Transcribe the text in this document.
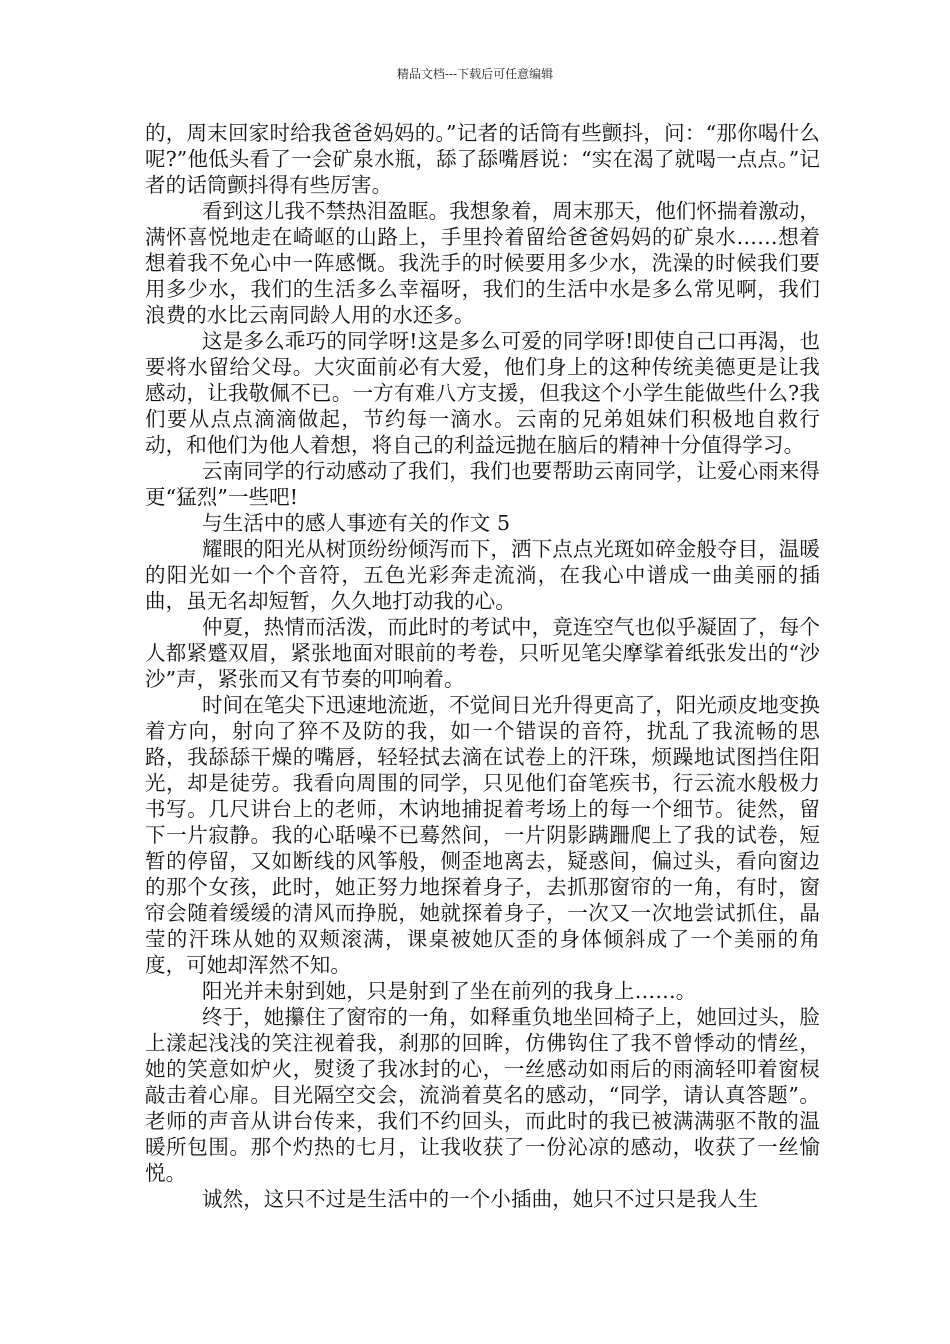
精品文档---下载后可任意编辑

的，周末回家时给我爸爸妈妈的。”记者的话筒有些颤抖，问：“那你喝什么呢?”他低头看了一会矿泉水瓶，舔了舔嘴唇说：“实在渴了就喝一点点。”记者的话筒颤抖得有些厉害。

看到这儿我不禁热泪盈眶。我想象着，周末那天，他们怀揣着激动，满怀喜悦地走在崎岖的山路上，手里拎着留给爸爸妈妈的矿泉水……想着想着我不免心中一阵感慨。我洗手的时候要用多少水，洗澡的时候我们要用多少水，我们的生活多么幸福呀，我们的生活中水是多么常见啊，我们浪费的水比云南同龄人用的水还多。

这是多么乖巧的同学呀!这是多么可爱的同学呀!即使自己口再渴，也要将水留给父母。大灾面前必有大爱，他们身上的这种传统美德更是让我感动，让我敬佩不已。一方有难八方支援，但我这个小学生能做些什么?我们要从点点滴滴做起，节约每一滴水。云南的兄弟姐妹们积极地自救行动，和他们为他人着想，将自己的利益远抛在脑后的精神十分值得学习。

云南同学的行动感动了我们，我们也要帮助云南同学，让爱心雨来得更“猛烈”一些吧!

与生活中的感人事迹有关的作文 5

耀眼的阳光从树顶纷纷倾泻而下，洒下点点光斑如碎金般夺目，温暖的阳光如一个个音符，五色光彩奔走流淌，在我心中谱成一曲美丽的插曲，虽无名却短暂，久久地打动我的心。

仲夏，热情而活泼，而此时的考试中，竟连空气也似乎凝固了，每个人都紧蹙双眉，紧张地面对眼前的考卷，只听见笔尖摩挲着纸张发出的“沙沙”声，紧张而又有节奏的叩响着。

时间在笔尖下迅速地流逝，不觉间日光升得更高了，阳光顽皮地变换着方向，射向了猝不及防的我，如一个错误的音符，扰乱了我流畅的思路，我舔舔干燥的嘴唇，轻轻拭去滴在试卷上的汗珠，烦躁地试图挡住阳光，却是徒劳。我看向周围的同学，只见他们奋笔疾书，行云流水般极力书写。几尺讲台上的老师，木讷地捕捉着考场上的每一个细节。徒然，留下一片寂静。我的心聒噪不已蓦然间，一片阴影蹒跚爬上了我的试卷，短暂的停留，又如断线的风筝般，侧歪地离去，疑惑间，偏过头，看向窗边的那个女孩，此时，她正努力地探着身子，去抓那窗帘的一角，有时，窗帘会随着缓缓的清风而挣脱，她就探着身子，一次又一次地尝试抓住，晶莹的汗珠从她的双颊滚满，课桌被她仄歪的身体倾斜成了一个美丽的角度，可她却浑然不知。

阳光并未射到她，只是射到了坐在前列的我身上……。

终于，她攥住了窗帘的一角，如释重负地坐回椅子上，她回过头，脸上漾起浅浅的笑注视着我，刹那的回眸，仿佛钩住了我不曾悸动的情丝，她的笑意如炉火，熨烫了我冰封的心，一丝感动如雨后的雨滴轻叩着窗棂敲击着心扉。目光隔空交会，流淌着莫名的感动，“同学，请认真答题”。老师的声音从讲台传来，我们不约回头，而此时的我已被满满驱不散的温暖所包围。那个灼热的七月，让我收获了一份沁凉的感动，收获了一丝愉悦。

诚然，这只不过是生活中的一个小插曲，她只不过只是我人生
